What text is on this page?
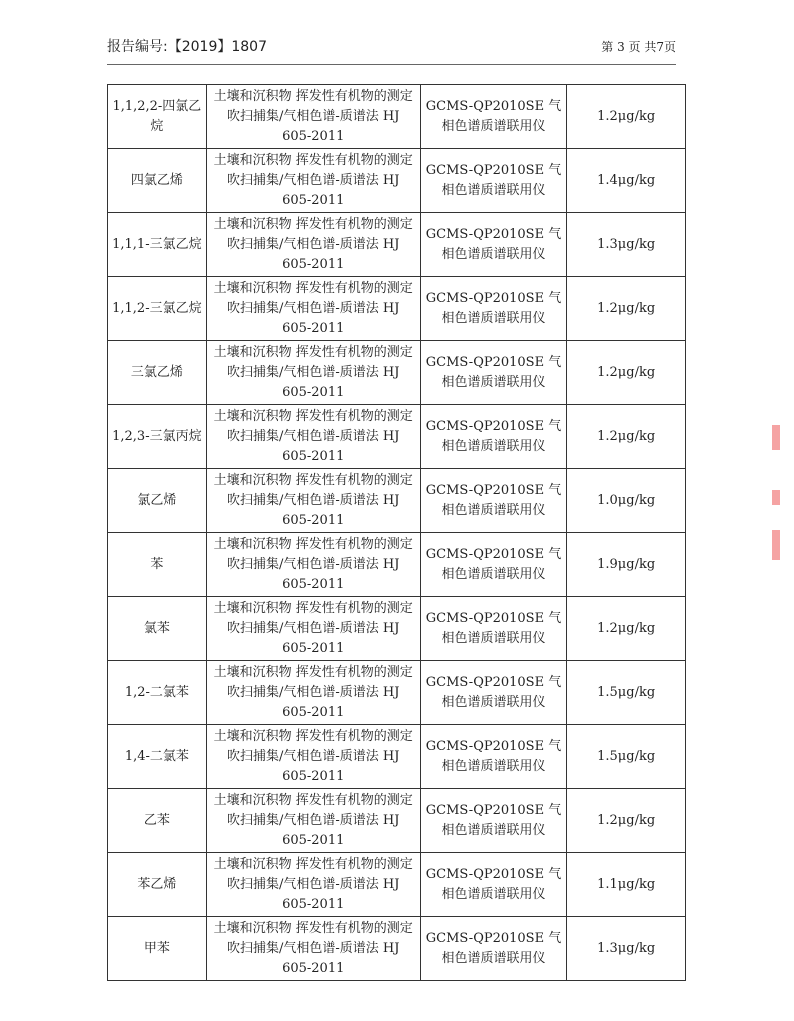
报告编号:【2019】1807	第 3 页 共7页
1,1,2,2-四氯乙烷	土壤和沉积物 挥发性有机物的测定 吹扫捕集/气相色谱-质谱法 HJ 605-2011	GCMS-QP2010SE 气相色谱质谱联用仪	1.2μg/kg
四氯乙烯	土壤和沉积物 挥发性有机物的测定 吹扫捕集/气相色谱-质谱法 HJ 605-2011	GCMS-QP2010SE 气相色谱质谱联用仪	1.4μg/kg
1,1,1-三氯乙烷	土壤和沉积物 挥发性有机物的测定 吹扫捕集/气相色谱-质谱法 HJ 605-2011	GCMS-QP2010SE 气相色谱质谱联用仪	1.3μg/kg
1,1,2-三氯乙烷	土壤和沉积物 挥发性有机物的测定 吹扫捕集/气相色谱-质谱法 HJ 605-2011	GCMS-QP2010SE 气相色谱质谱联用仪	1.2μg/kg
三氯乙烯	土壤和沉积物 挥发性有机物的测定 吹扫捕集/气相色谱-质谱法 HJ 605-2011	GCMS-QP2010SE 气相色谱质谱联用仪	1.2μg/kg
1,2,3-三氯丙烷	土壤和沉积物 挥发性有机物的测定 吹扫捕集/气相色谱-质谱法 HJ 605-2011	GCMS-QP2010SE 气相色谱质谱联用仪	1.2μg/kg
氯乙烯	土壤和沉积物 挥发性有机物的测定 吹扫捕集/气相色谱-质谱法 HJ 605-2011	GCMS-QP2010SE 气相色谱质谱联用仪	1.0μg/kg
苯	土壤和沉积物 挥发性有机物的测定 吹扫捕集/气相色谱-质谱法 HJ 605-2011	GCMS-QP2010SE 气相色谱质谱联用仪	1.9μg/kg
氯苯	土壤和沉积物 挥发性有机物的测定 吹扫捕集/气相色谱-质谱法 HJ 605-2011	GCMS-QP2010SE 气相色谱质谱联用仪	1.2μg/kg
1,2-二氯苯	土壤和沉积物 挥发性有机物的测定 吹扫捕集/气相色谱-质谱法 HJ 605-2011	GCMS-QP2010SE 气相色谱质谱联用仪	1.5μg/kg
1,4-二氯苯	土壤和沉积物 挥发性有机物的测定 吹扫捕集/气相色谱-质谱法 HJ 605-2011	GCMS-QP2010SE 气相色谱质谱联用仪	1.5μg/kg
乙苯	土壤和沉积物 挥发性有机物的测定 吹扫捕集/气相色谱-质谱法 HJ 605-2011	GCMS-QP2010SE 气相色谱质谱联用仪	1.2μg/kg
苯乙烯	土壤和沉积物 挥发性有机物的测定 吹扫捕集/气相色谱-质谱法 HJ 605-2011	GCMS-QP2010SE 气相色谱质谱联用仪	1.1μg/kg
甲苯	土壤和沉积物 挥发性有机物的测定 吹扫捕集/气相色谱-质谱法 HJ 605-2011	GCMS-QP2010SE 气相色谱质谱联用仪	1.3μg/kg
